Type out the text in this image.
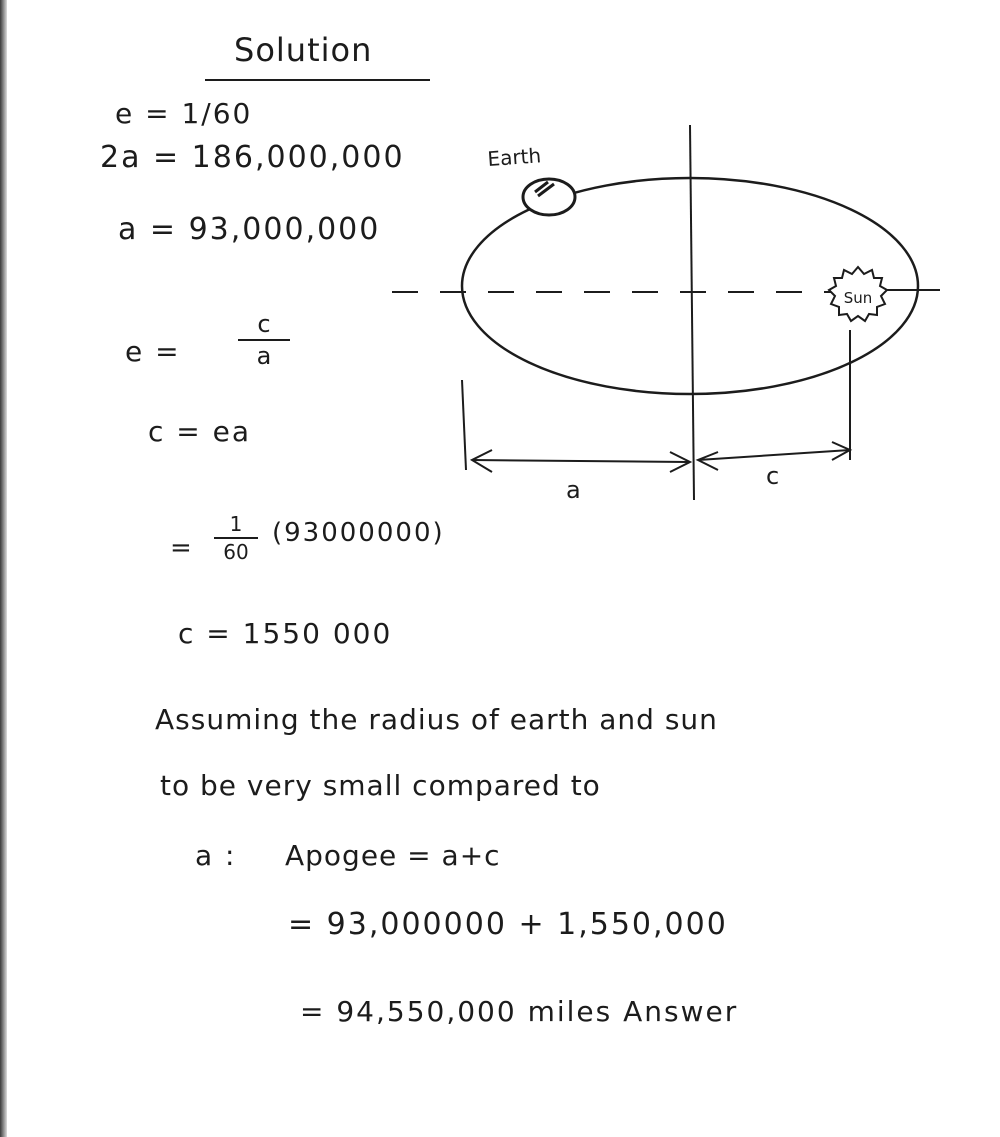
Solution
e = 1/60
2a = 186,000,000
a = 93,000,000
e =
c
a
c = ea
=
1
60
(93000000)
c = 1550 000
Assuming the radius of earth and sun
to be very small compared to
a : Apogee = a+c
= 93,000000 + 1,550,000
= 94,550,000 miles Answer
Earth
Sun
a	c
